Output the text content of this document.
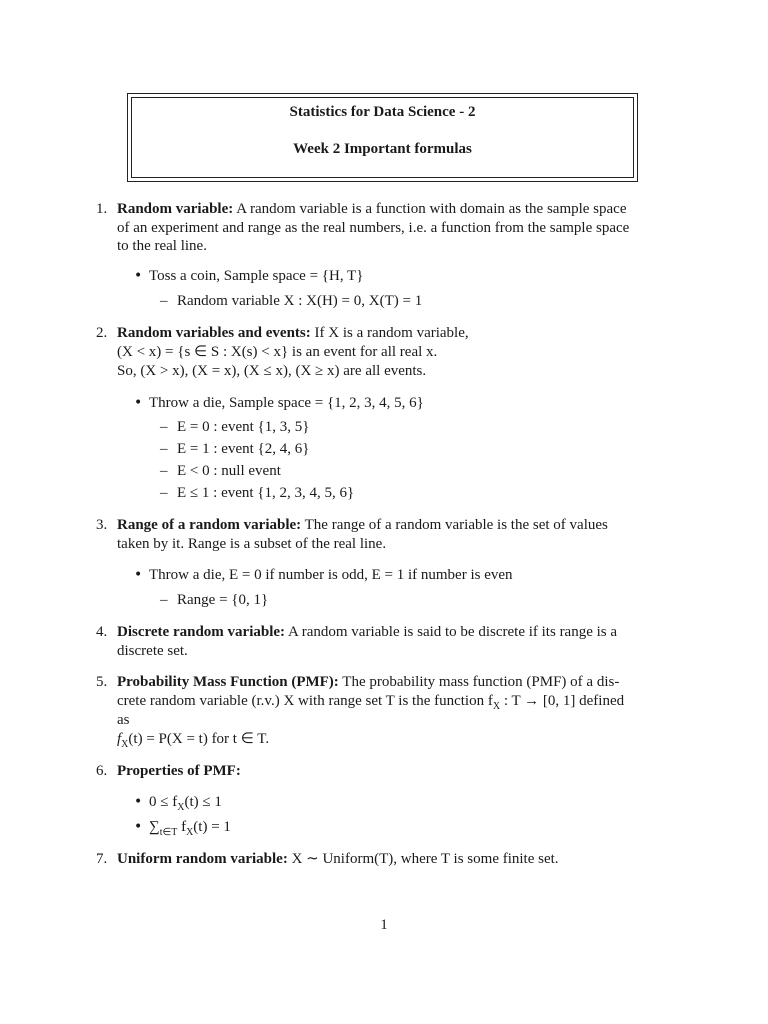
Statistics for Data Science - 2
Week 2 Important formulas
1. Random variable: A random variable is a function with domain as the sample space
of an experiment and range as the real numbers, i.e. a function from the sample space
to the real line.
• Toss a coin, Sample space = {H, T}
– Random variable X : X(H) = 0, X(T) = 1
2. Random variables and events: If X is a random variable,
(X < x) = {s ∈ S : X(s) < x} is an event for all real x.
So, (X > x), (X = x), (X ≤ x), (X ≥ x) are all events.
• Throw a die, Sample space = {1, 2, 3, 4, 5, 6}
– E = 0 : event {1, 3, 5}
– E = 1 : event {2, 4, 6}
– E < 0 : null event
– E ≤ 1 : event {1, 2, 3, 4, 5, 6}
3. Range of a random variable: The range of a random variable is the set of values
taken by it. Range is a subset of the real line.
• Throw a die, E = 0 if number is odd, E = 1 if number is even
– Range = {0, 1}
4. Discrete random variable: A random variable is said to be discrete if its range is a
discrete set.
5. Probability Mass Function (PMF): The probability mass function (PMF) of a dis-
crete random variable (r.v.) X with range set T is the function $f_X$ : T → [0, 1] defined
as
$f_X(t) = P(X = t)$ for t ∈ T.
6. Properties of PMF:
• $0 \le f_X(t) \le 1$
• $\sum_{t\in T}$ $f_X(t) = 1$
7. Uniform random variable: X ∼ Uniform(T), where T is some finite set.
1
